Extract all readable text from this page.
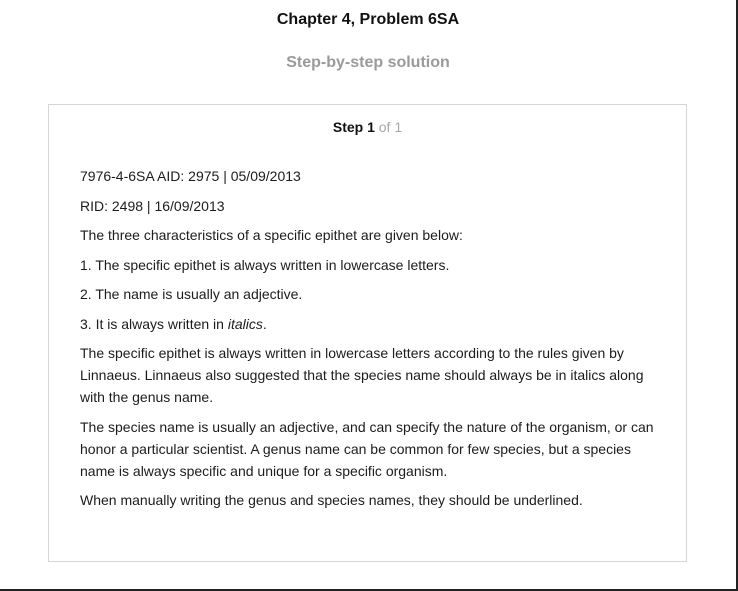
Chapter 4, Problem 6SA
Step-by-step solution
Step 1 of 1

7976-4-6SA AID: 2975 | 05/09/2013

RID: 2498 | 16/09/2013

The three characteristics of a specific epithet are given below:

1. The specific epithet is always written in lowercase letters.

2. The name is usually an adjective.

3. It is always written in italics.

The specific epithet is always written in lowercase letters according to the rules given by Linnaeus. Linnaeus also suggested that the species name should always be in italics along with the genus name.

The species name is usually an adjective, and can specify the nature of the organism, or can honor a particular scientist. A genus name can be common for few species, but a species name is always specific and unique for a specific organism.

When manually writing the genus and species names, they should be underlined.
